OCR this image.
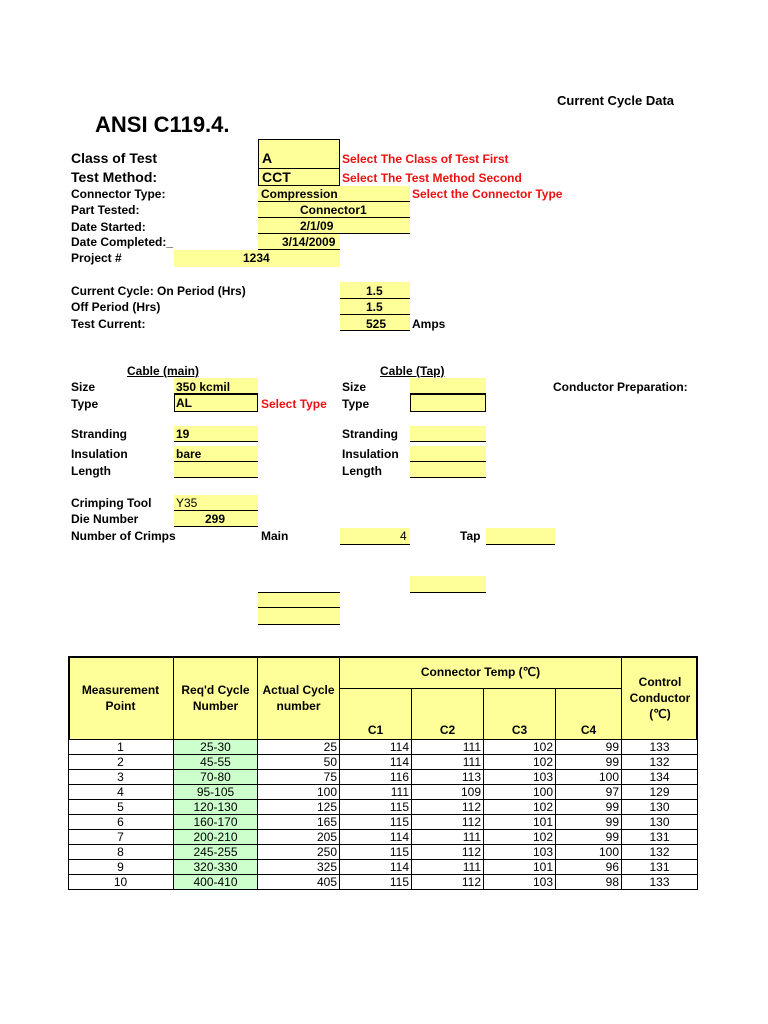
Current Cycle Data
ANSI C119.4.
Class of Test	A	Select The Class of Test First
Test Method:	CCT	Select The Test Method Second
Connector Type:	Compression	Select the Connector Type
Part Tested:	Connector1
Date Started:	2/1/09
Date Completed:_	3/14/2009
Project #	1234
Current Cycle: On Period (Hrs)	1.5
Off Period (Hrs)	1.5
Test Current:	525 Amps
Cable (main)
Size	350 kcmil
Type	AL	Select Type
Stranding	19
Insulation	bare
Length
Cable (Tap)
Size
Type
Stranding
Insulation
Length
Conductor Preparation:
Crimping Tool Y35
Die Number	299
Number of Crimps	Main	4	Tap
Measurement Point
Req'd Cycle Number
Actual Cycle number
Connector Temp (℃)
C1	C2	C3	C4
Control Conductor (℃)
1	25-30	25	114	111	102	99	133
2	45-55	50	114	111	102	99	132
3	70-80	75	116	113	103	100	134
4	95-105	100	111	109	100	97	129
5	120-130	125	115	112	102	99	130
6	160-170	165	115	112	101	99	130
7	200-210	205	114	111	102	99	131
8	245-255	250	115	112	103	100	132
9	320-330	325	114	111	101	96	131
10	400-410	405	115	112	103	98	133
